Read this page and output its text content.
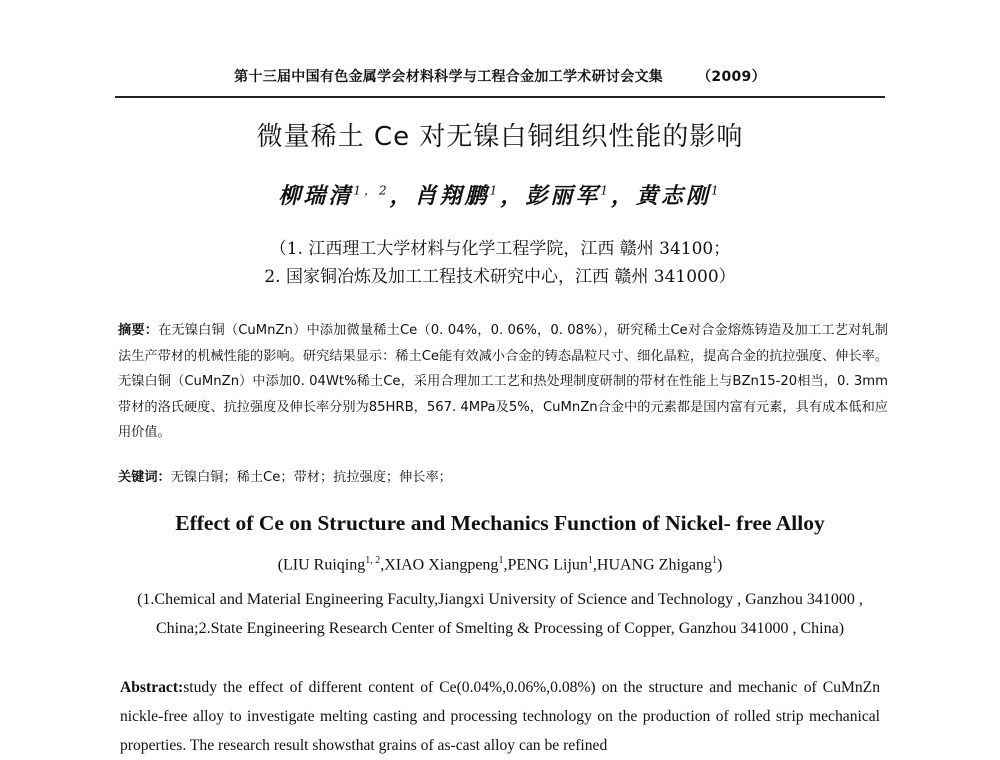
第十三届中国有色金属学会材料科学与工程合金加工学术研讨会文集 （2009）
微量稀土 Ce 对无镍白铜组织性能的影响
柳瑞清$^{1,2}$，肖翔鹏$^1$，彭丽军$^1$，黄志刚$^1$
（1. 江西理工大学材料与化学工程学院，江西 赣州 34100；
2. 国家铜冶炼及加工工程技术研究中心，江西 赣州 341000）
摘要：在无镍白铜（CuMnZn）中添加微量稀土Ce（0. 04%，0. 06%，0. 08%），研究稀土Ce对合金熔炼铸造及加工工艺对轧制法生产带材的机械性能的影响。研究结果显示：稀土Ce能有效减小合金的铸态晶粒尺寸、细化晶粒，提高合金的抗拉强度、伸长率。无镍白铜（CuMnZn）中添加0. 04Wt%稀土Ce，采用合理加工工艺和热处理制度研制的带材在性能上与BZn15-20相当，0. 3mm带材的洛氏硬度、抗拉强度及伸长率分别为85HRB，567. 4MPa及5%，CuMnZn合金中的元素都是国内富有元素，具有成本低和应用价值。
关键词：无镍白铜；稀土Ce；带材；抗拉强度；伸长率；
Effect of Ce on Structure and Mechanics Function of Nickel- free Alloy
(LIU Ruiqing$^{1, 2}$,XIAO Xiangpeng$^1$,PENG Lijun$^1$,HUANG Zhigang$^1$)
(1.Chemical and Material Engineering Faculty,Jiangxi University of Science and Technology , Ganzhou 341000 , China;2.State Engineering Research Center of Smelting & Processing of Copper, Ganzhou 341000 , China)
Abstract:study the effect of different content of Ce(0.04%,0.06%,0.08%) on the structure and mechanic of CuMnZn nickle-free alloy to investigate melting casting and processing technology on the production of rolled strip mechanical properties. The research result showsthat grains of as-cast alloy can be refined
